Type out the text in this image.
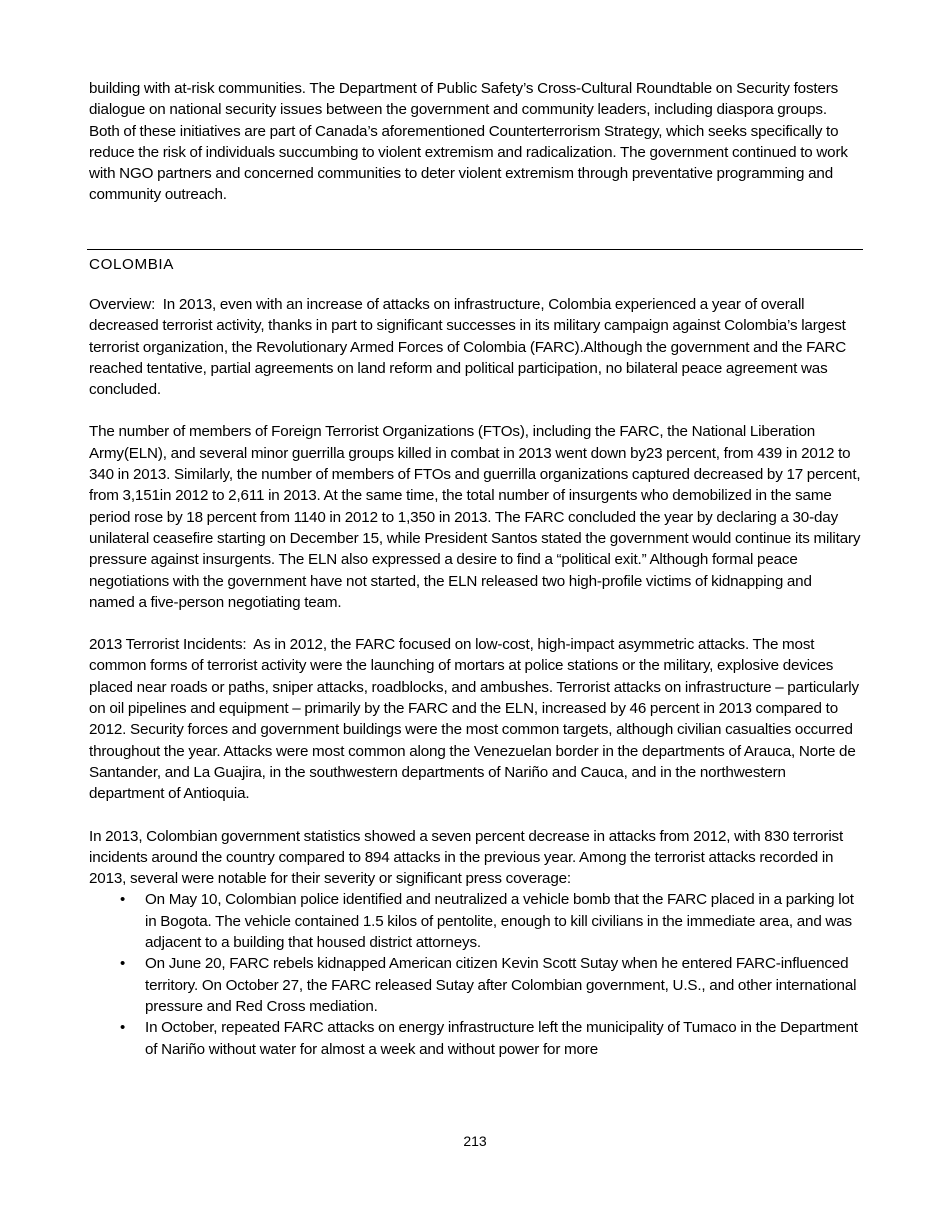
building with at-risk communities. The Department of Public Safety’s Cross-Cultural Roundtable on Security fosters dialogue on national security issues between the government and community leaders, including diaspora groups. Both of these initiatives are part of Canada’s aforementioned Counterterrorism Strategy, which seeks specifically to reduce the risk of individuals succumbing to violent extremism and radicalization. The government continued to work with NGO partners and concerned communities to deter violent extremism through preventative programming and community outreach.

COLOMBIA

Overview: In 2013, even with an increase of attacks on infrastructure, Colombia experienced a year of overall decreased terrorist activity, thanks in part to significant successes in its military campaign against Colombia’s largest terrorist organization, the Revolutionary Armed Forces of Colombia (FARC).Although the government and the FARC reached tentative, partial agreements on land reform and political participation, no bilateral peace agreement was concluded.

The number of members of Foreign Terrorist Organizations (FTOs), including the FARC, the National Liberation Army(ELN), and several minor guerrilla groups killed in combat in 2013 went down by23 percent, from 439 in 2012 to 340 in 2013. Similarly, the number of members of FTOs and guerrilla organizations captured decreased by 17 percent, from 3,151in 2012 to 2,611 in 2013. At the same time, the total number of insurgents who demobilized in the same period rose by 18 percent from 1140 in 2012 to 1,350 in 2013. The FARC concluded the year by declaring a 30-day unilateral ceasefire starting on December 15, while President Santos stated the government would continue its military pressure against insurgents. The ELN also expressed a desire to find a “political exit.” Although formal peace negotiations with the government have not started, the ELN released two high-profile victims of kidnapping and named a five-person negotiating team.

2013 Terrorist Incidents: As in 2012, the FARC focused on low-cost, high-impact asymmetric attacks. The most common forms of terrorist activity were the launching of mortars at police stations or the military, explosive devices placed near roads or paths, sniper attacks, roadblocks, and ambushes. Terrorist attacks on infrastructure – particularly on oil pipelines and equipment – primarily by the FARC and the ELN, increased by 46 percent in 2013 compared to 2012. Security forces and government buildings were the most common targets, although civilian casualties occurred throughout the year. Attacks were most common along the Venezuelan border in the departments of Arauca, Norte de Santander, and La Guajira, in the southwestern departments of Nariño and Cauca, and in the northwestern department of Antioquia.

In 2013, Colombian government statistics showed a seven percent decrease in attacks from 2012, with 830 terrorist incidents around the country compared to 894 attacks in the previous year. Among the terrorist attacks recorded in 2013, several were notable for their severity or significant press coverage:

• On May 10, Colombian police identified and neutralized a vehicle bomb that the FARC placed in a parking lot in Bogota. The vehicle contained 1.5 kilos of pentolite, enough to kill civilians in the immediate area, and was adjacent to a building that housed district attorneys.
• On June 20, FARC rebels kidnapped American citizen Kevin Scott Sutay when he entered FARC-influenced territory. On October 27, the FARC released Sutay after Colombian government, U.S., and other international pressure and Red Cross mediation.
• In October, repeated FARC attacks on energy infrastructure left the municipality of Tumaco in the Department of Nariño without water for almost a week and without power for more
213
